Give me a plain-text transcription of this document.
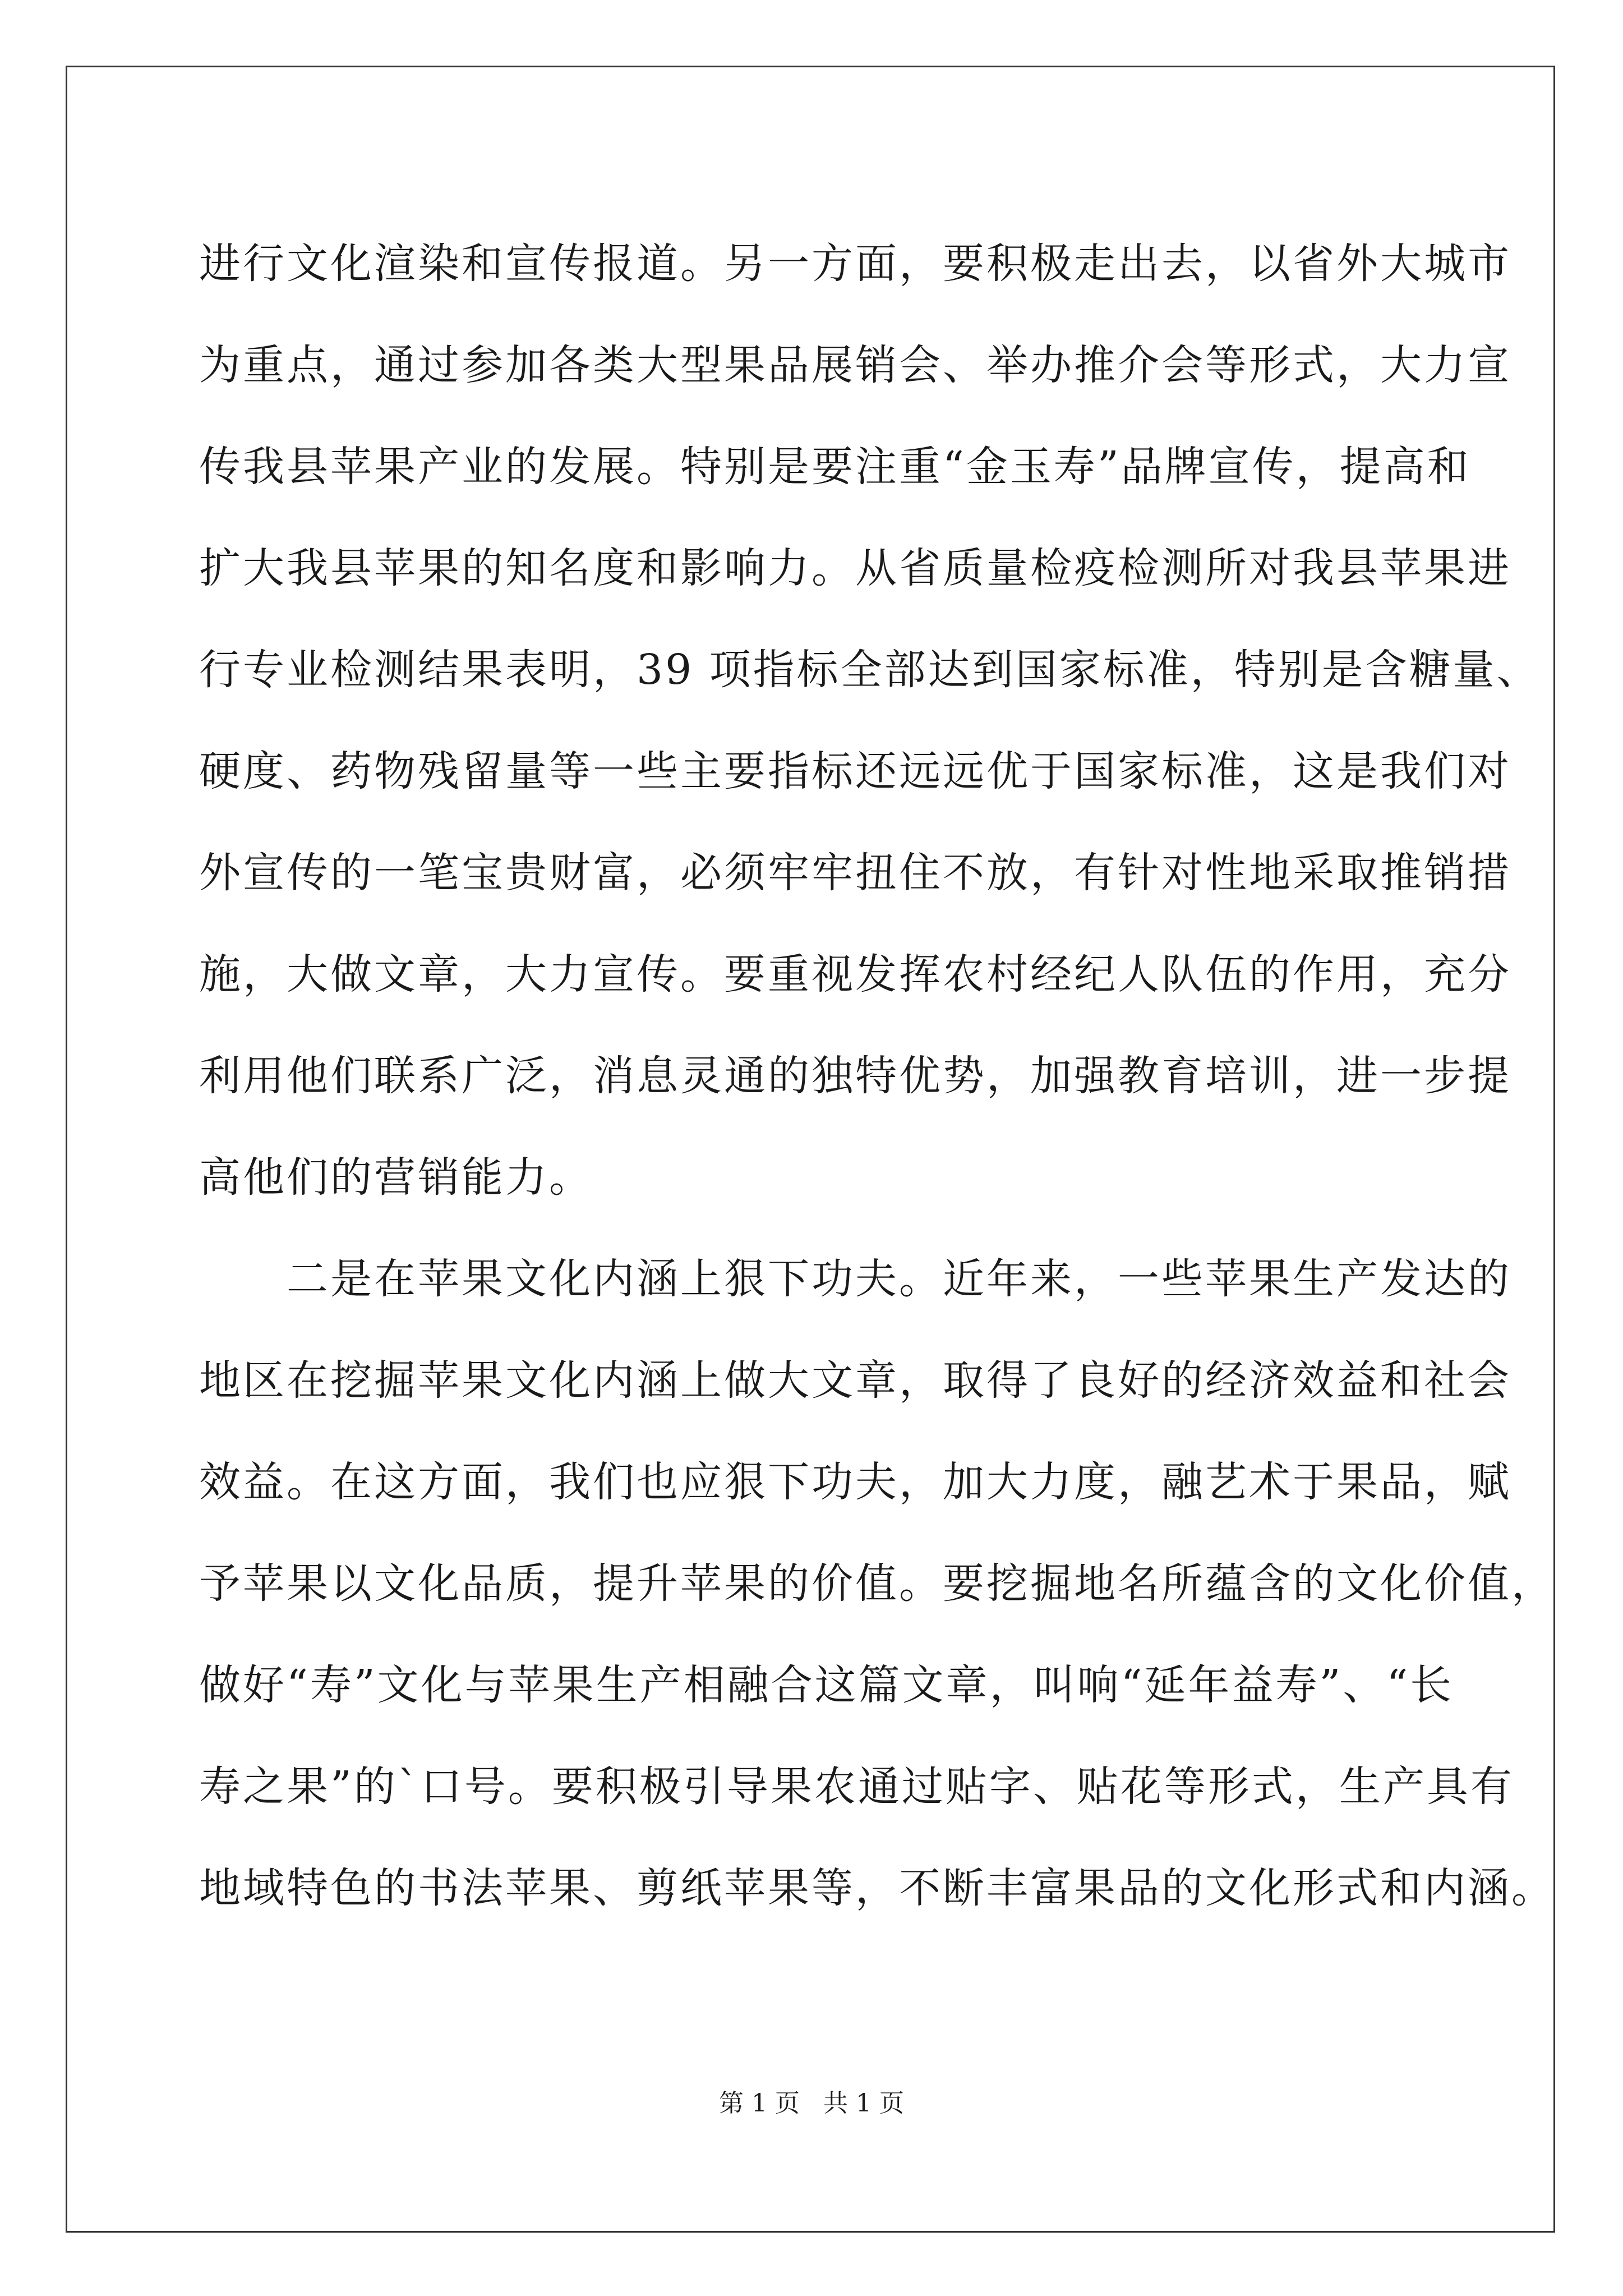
进行文化渲染和宣传报道。另一方面，要积极走出去，以省外大城市
为重点，通过参加各类大型果品展销会、举办推介会等形式，大力宣
传我县苹果产业的发展。特别是要注重“金玉寿”品牌宣传，提高和
扩大我县苹果的知名度和影响力。从省质量检疫检测所对我县苹果进
行专业检测结果表明，39 项指标全部达到国家标准，特别是含糖量、
硬度、药物残留量等一些主要指标还远远优于国家标准，这是我们对
外宣传的一笔宝贵财富，必须牢牢扭住不放，有针对性地采取推销措
施，大做文章，大力宣传。要重视发挥农村经纪人队伍的作用，充分
利用他们联系广泛，消息灵通的独特优势，加强教育培训，进一步提
高他们的营销能力。
　　二是在苹果文化内涵上狠下功夫。近年来，一些苹果生产发达的
地区在挖掘苹果文化内涵上做大文章，取得了良好的经济效益和社会
效益。在这方面，我们也应狠下功夫，加大力度，融艺术于果品，赋
予苹果以文化品质，提升苹果的价值。要挖掘地名所蕴含的文化价值，
做好“寿”文化与苹果生产相融合这篇文章，叫响“延年益寿”、“长
寿之果”的`口号。要积极引导果农通过贴字、贴花等形式，生产具有
地域特色的书法苹果、剪纸苹果等，不断丰富果品的文化形式和内涵。
第 1 页   共 1 页
